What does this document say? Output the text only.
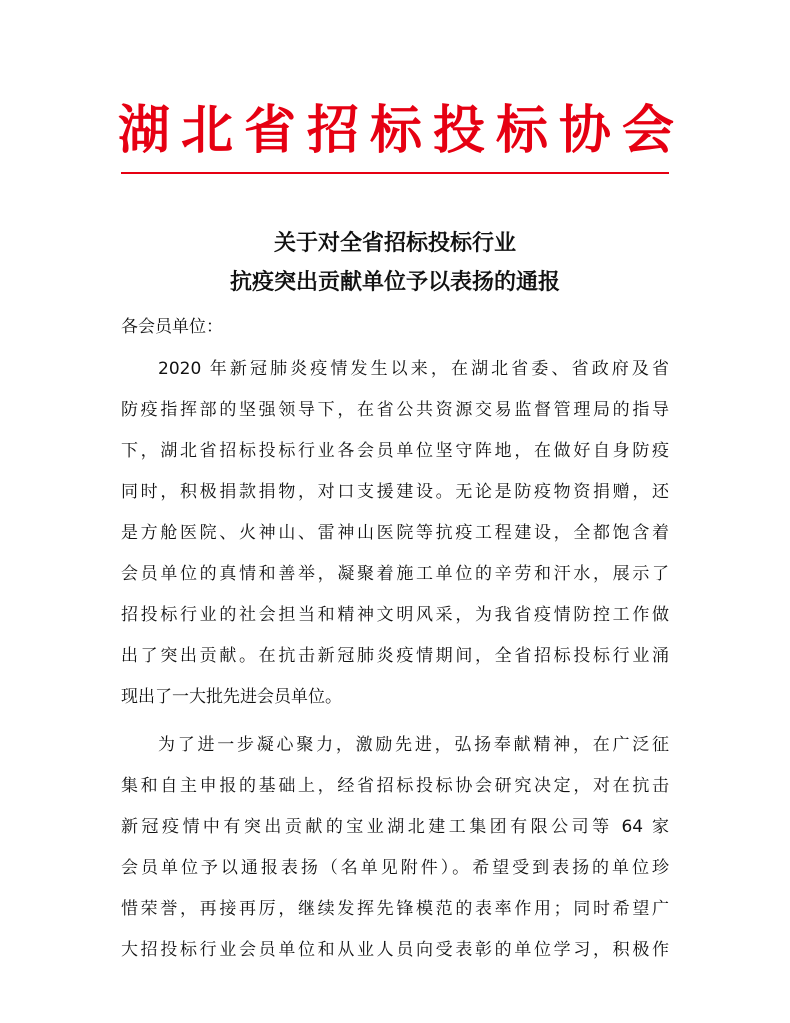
湖北省招标投标协会
关于对全省招标投标行业
抗疫突出贡献单位予以表扬的通报
各会员单位：
2020 年新冠肺炎疫情发生以来，在湖北省委、省政府及省
防疫指挥部的坚强领导下，在省公共资源交易监督管理局的指导
下，湖北省招标投标行业各会员单位坚守阵地，在做好自身防疫
同时，积极捐款捐物，对口支援建设。无论是防疫物资捐赠，还
是方舱医院、火神山、雷神山医院等抗疫工程建设，全都饱含着
会员单位的真情和善举，凝聚着施工单位的辛劳和汗水，展示了
招投标行业的社会担当和精神文明风采，为我省疫情防控工作做
出了突出贡献。在抗击新冠肺炎疫情期间，全省招标投标行业涌
现出了一大批先进会员单位。
为了进一步凝心聚力，激励先进，弘扬奉献精神，在广泛征
集和自主申报的基础上，经省招标投标协会研究决定，对在抗击
新冠疫情中有突出贡献的宝业湖北建工集团有限公司等 64 家
会员单位予以通报表扬（名单见附件）。希望受到表扬的单位珍
惜荣誉，再接再厉，继续发挥先锋模范的表率作用；同时希望广
大招投标行业会员单位和从业人员向受表彰的单位学习，积极作
